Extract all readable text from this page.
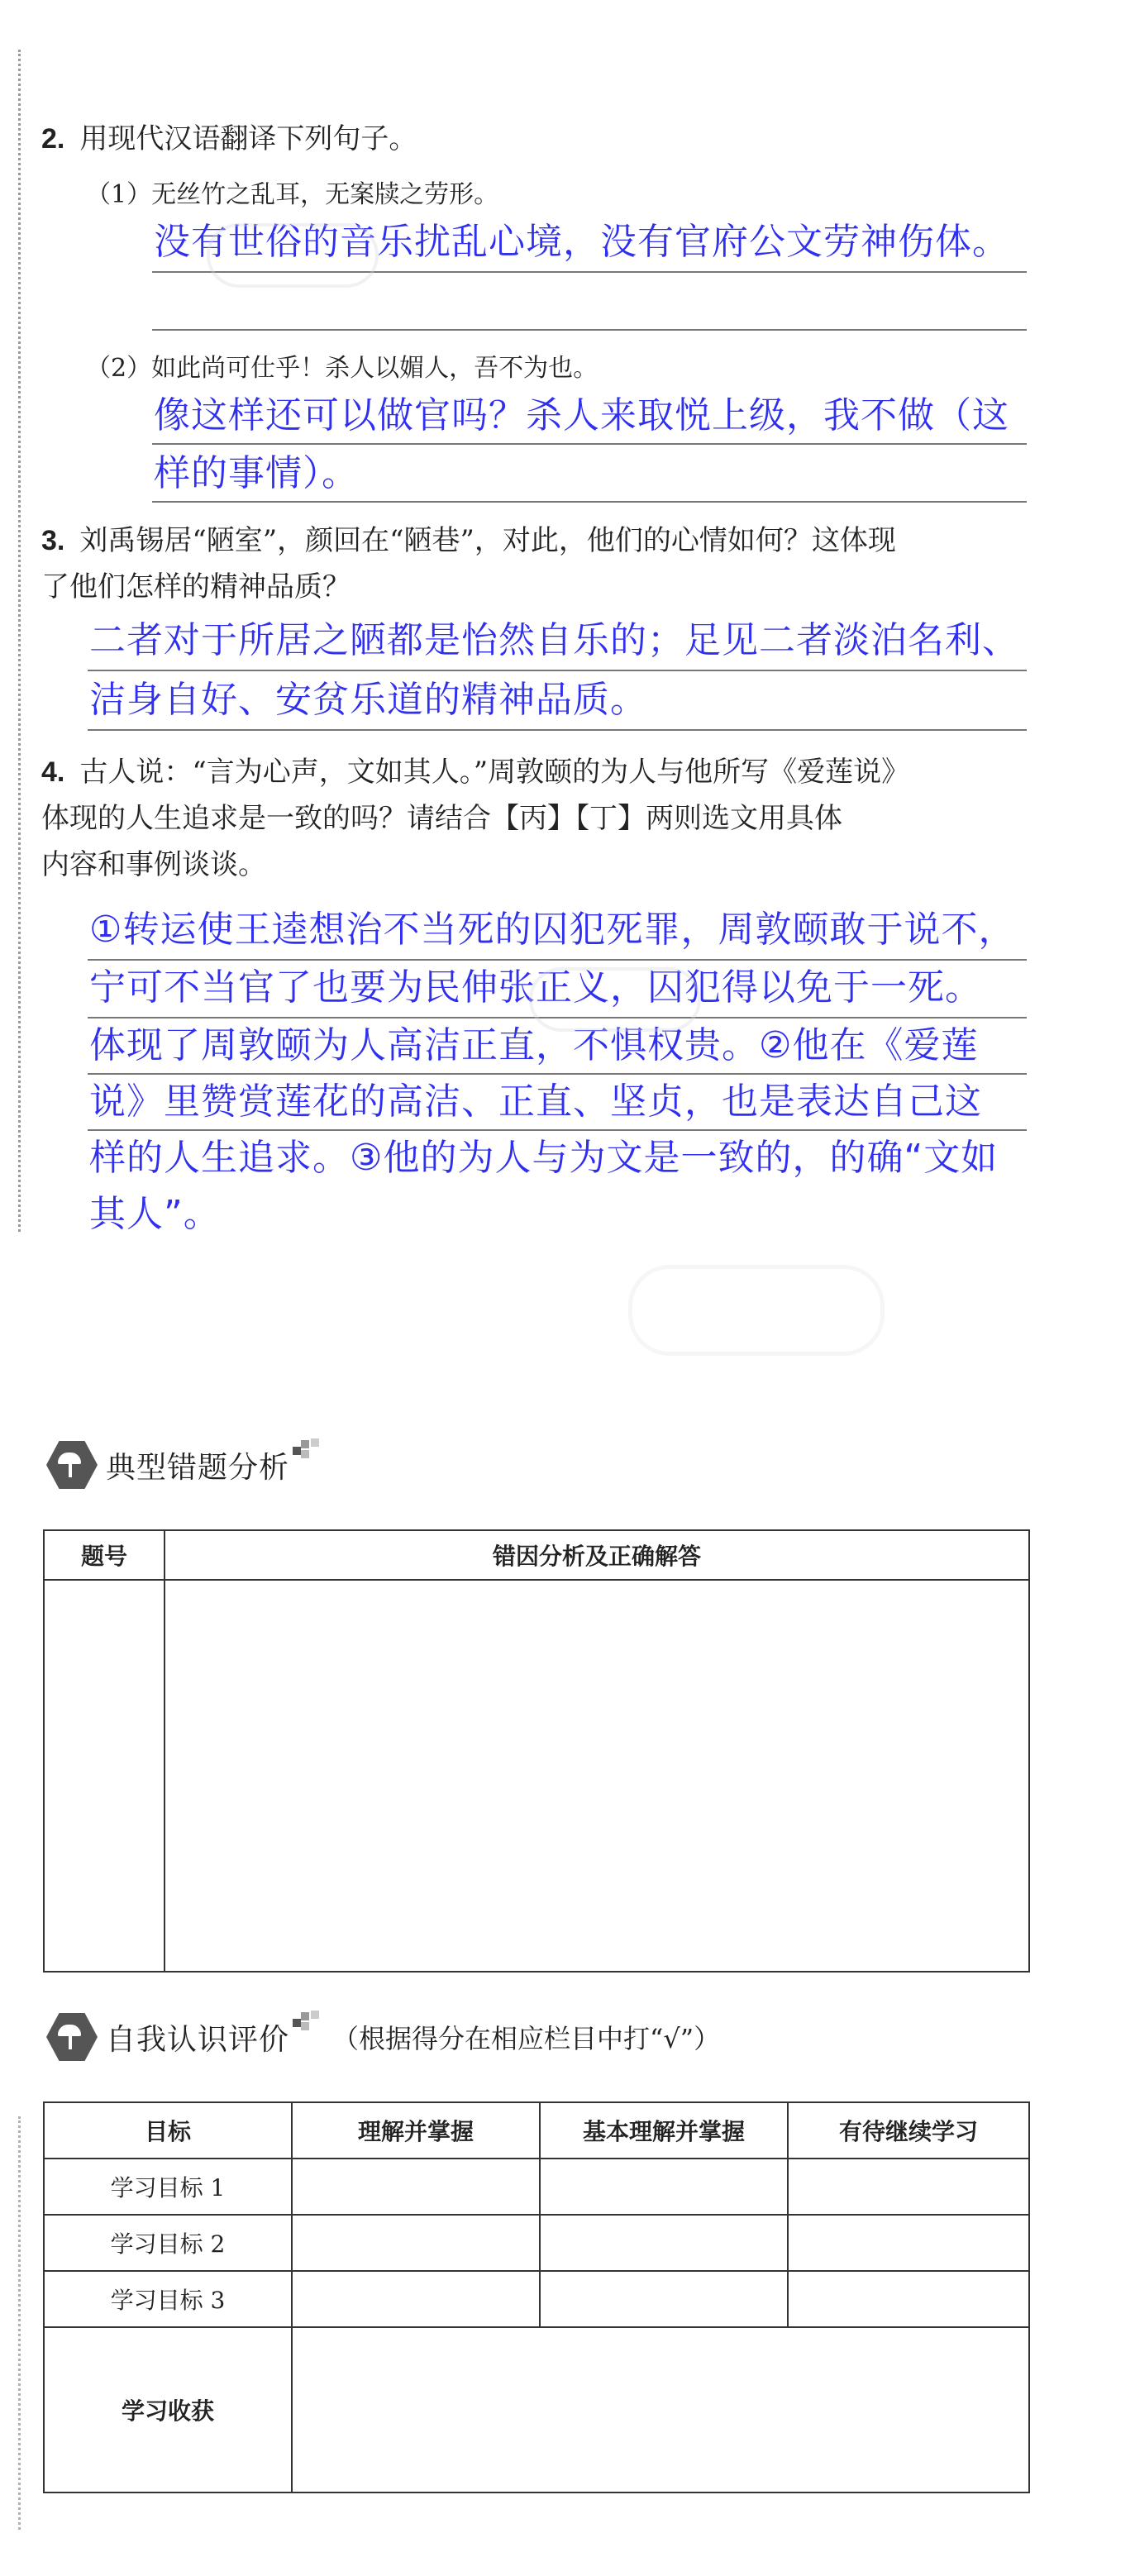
2. 用现代汉语翻译下列句子。
（1）无丝竹之乱耳，无案牍之劳形。
没有世俗的音乐扰乱心境，没有官府公文劳神伤体。
（2）如此尚可仕乎！杀人以媚人，吾不为也。
像这样还可以做官吗？杀人来取悦上级，我不做（这
样的事情）。
3. 刘禹锡居“陋室”，颜回在“陋巷”，对此，他们的心情如何？这体现
了他们怎样的精神品质？
二者对于所居之陋都是怡然自乐的；足见二者淡泊名利、
洁身自好、安贫乐道的精神品质。
4. 古人说：“言为心声，文如其人。”周敦颐的为人与他所写《爱莲说》
体现的人生追求是一致的吗？请结合【丙】【丁】两则选文用具体
内容和事例谈谈。
①转运使王逵想治不当死的囚犯死罪，周敦颐敢于说不，
宁可不当官了也要为民伸张正义，囚犯得以免于一死。
体现了周敦颐为人高洁正直，不惧权贵。②他在《爱莲
说》里赞赏莲花的高洁、正直、坚贞，也是表达自己这
样的人生追求。③他的为人与为文是一致的，的确“文如
其人”。
典型错题分析
题号	错因分析及正确解答

自我认识评价 （根据得分在相应栏目中打“√”）
目标	理解并掌握	基本理解并掌握	有待继续学习
学习目标 1			
学习目标 2			
学习目标 3			
学习收获			
